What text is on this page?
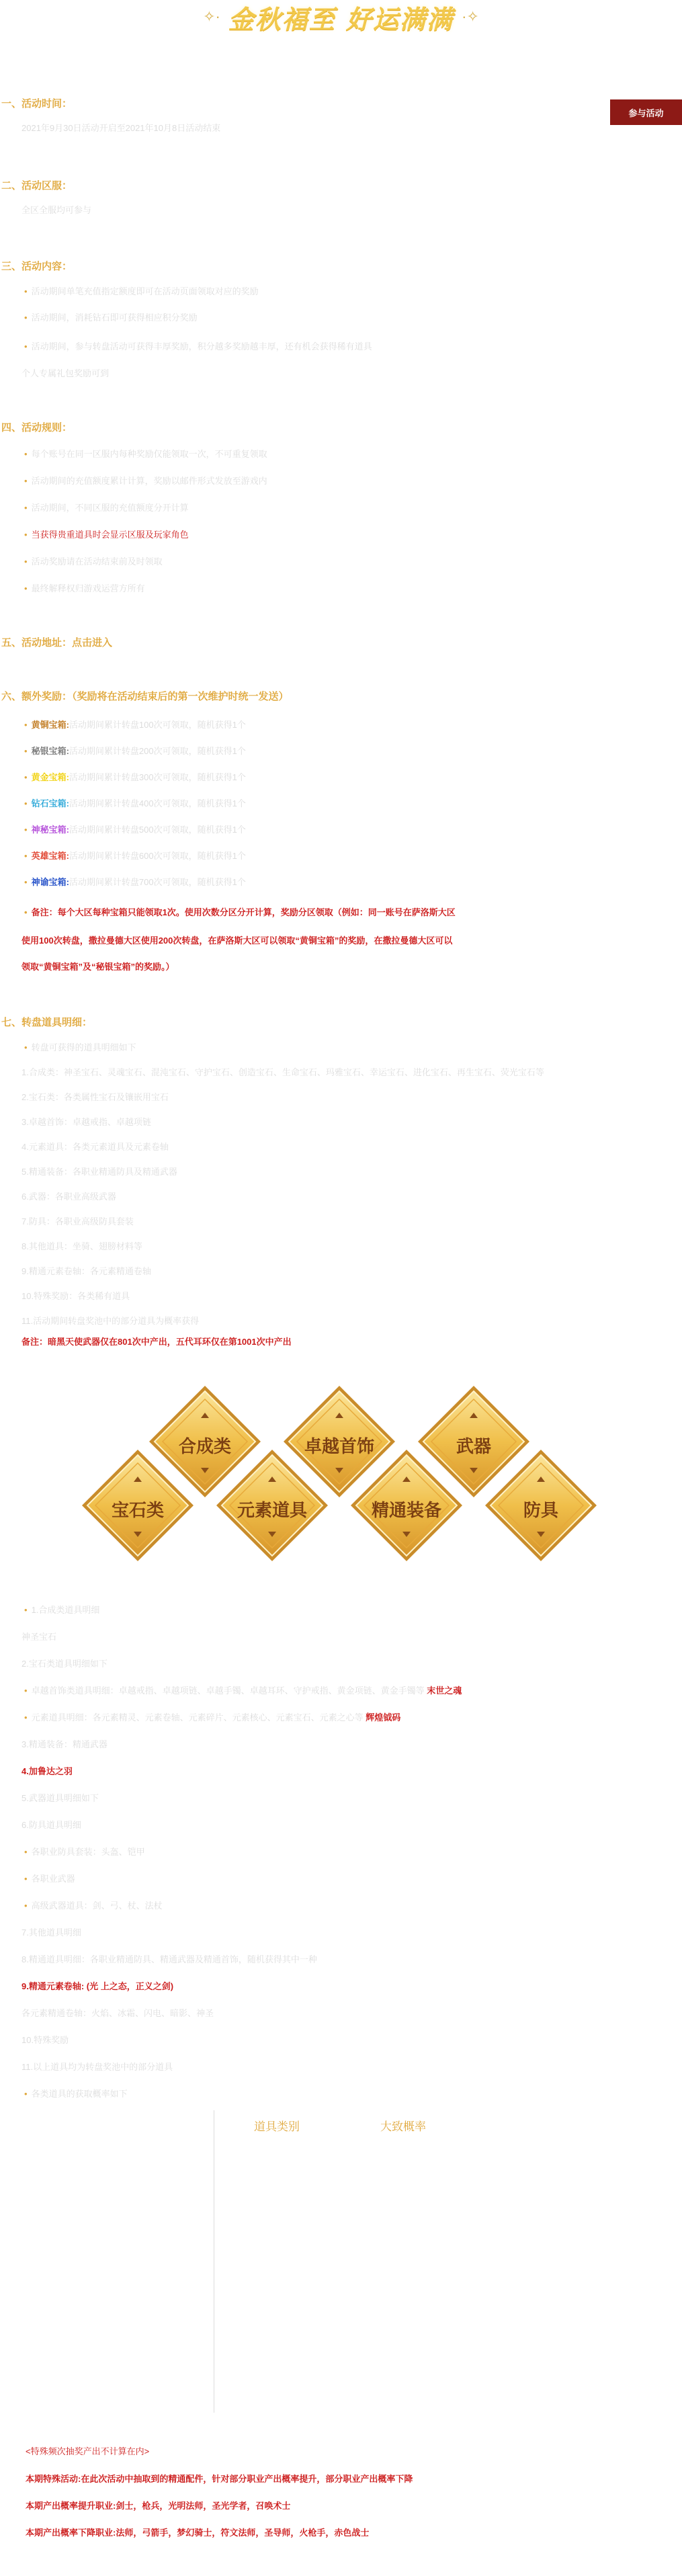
✧· 金秋福至 好运满满 ·✧
参与活动
一、活动时间：
2021年9月30日活动开启至2021年10月8日活动结束
二、活动区服：
全区全服均可参与
三、活动内容：
• 活动期间单笔充值指定额度即可在活动页面领取对应的奖励
• 活动期间，消耗钻石即可获得相应积分奖励
• 活动期间，参与转盘活动可获得丰厚奖励，积分越多奖励越丰厚，还有机会获得稀有道具
个人专属礼包奖励可到
四、活动规则：
• 每个账号在同一区服内每种奖励仅能领取一次，不可重复领取
• 活动期间的充值额度累计计算，奖励以邮件形式发放至游戏内
• 活动期间，不同区服的充值额度分开计算
• 当获得贵重道具时会显示区服及玩家角色
• 活动奖励请在活动结束前及时领取
• 最终解释权归游戏运营方所有
五、活动地址：点击进入
六、额外奖励：（奖励将在活动结束后的第一次维护时统一发送）
• 黄铜宝箱:活动期间累计转盘100次可领取，随机获得1个
• 秘银宝箱:活动期间累计转盘200次可领取，随机获得1个
• 黄金宝箱:活动期间累计转盘300次可领取，随机获得1个
• 钻石宝箱:活动期间累计转盘400次可领取，随机获得1个
• 神秘宝箱:活动期间累计转盘500次可领取，随机获得1个
• 英雄宝箱:活动期间累计转盘600次可领取，随机获得1个
• 神谕宝箱:活动期间累计转盘700次可领取，随机获得1个
• 备注：每个大区每种宝箱只能领取1次。使用次数分区分开计算，奖励分区领取（例如：同一账号在萨洛斯大区
使用100次转盘，撒拉曼德大区使用200次转盘，在萨洛斯大区可以领取“黄铜宝箱”的奖励，在撒拉曼德大区可以
领取“黄铜宝箱”及“秘银宝箱”的奖励。）
七、转盘道具明细：
• 转盘可获得的道具明细如下
1.合成类：神圣宝石、灵魂宝石、混沌宝石、守护宝石、创造宝石、生命宝石、玛雅宝石、幸运宝石、进化宝石、再生宝石、荧光宝石等
2.宝石类：各类属性宝石及镶嵌用宝石
3.卓越首饰：卓越戒指、卓越项链
4.元素道具：各类元素道具及元素卷轴
5.精通装备：各职业精通防具及精通武器
6.武器：各职业高级武器
7.防具：各职业高级防具套装
8.其他道具：坐骑、翅膀材料等
9.精通元素卷轴：各元素精通卷轴
10.特殊奖励：各类稀有道具
11.活动期间转盘奖池中的部分道具为概率获得
备注：暗黑天使武器仅在801次中产出，五代耳环仅在第1001次中产出
合成类	卓越首饰	武器
宝石类	元素道具	精通装备	防具
• 1.合成类道具明细
神圣宝石
2.宝石类道具明细如下
• 卓越首饰类道具明细：卓越戒指、卓越项链、卓越手镯、卓越耳环、守护戒指、黄金项链、黄金手镯等 末世之魂
• 元素道具明细：各元素精灵、元素卷轴、元素碎片、元素核心、元素宝石、元素之心等 辉煌钺码
3.精通装备：精通武器
4.加鲁达之羽
5.武器道具明细如下
6.防具道具明细
• 各职业防具套装：头盔、铠甲
• 各职业武器
• 高级武器道具：剑、弓、杖、法杖
7.其他道具明细
8.精通道具明细：各职业精通防具、精通武器及精通首饰，随机获得其中一种
9.精通元素卷轴: (光 上之态，正义之剑)
各元素精通卷轴：火焰、冰霜、闪电、暗影、神圣
10.特殊奖励
11.以上道具均为转盘奖池中的部分道具
• 各类道具的获取概率如下
道具类别	大致概率
<特殊频次抽奖产出不计算在内>
本期特殊活动:在此次活动中抽取到的精通配件，针对部分职业产出概率提升，部分职业产出概率下降
本期产出概率提升职业:剑士，枪兵，光明法师，圣光学者，召唤术士
本期产出概率下降职业:法师，弓箭手，梦幻骑士，符文法师，圣导师，火枪手，赤色战士
